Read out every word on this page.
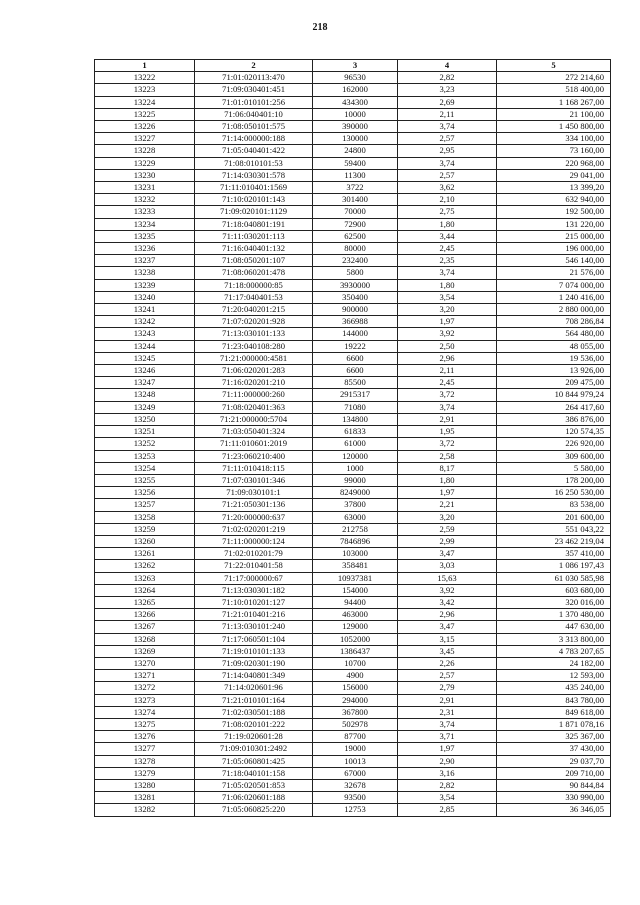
218
1	2	3	4	5
13222	71:01:020113:470	96530	2,82	272 214,60
13223	71:09:030401:451	162000	3,23	518 400,00
13224	71:01:010101:256	434300	2,69	1 168 267,00
13225	71:06:040401:10	10000	2,11	21 100,00
13226	71:08:050101:575	390000	3,74	1 450 800,00
13227	71:14:000000:188	130000	2,57	334 100,00
13228	71:05:040401:422	24800	2,95	73 160,00
13229	71:08:010101:53	59400	3,74	220 968,00
13230	71:14:030301:578	11300	2,57	29 041,00
13231	71:11:010401:1569	3722	3,62	13 399,20
13232	71:10:020101:143	301400	2,10	632 940,00
13233	71:09:020101:1129	70000	2,75	192 500,00
13234	71:18:040801:191	72900	1,80	131 220,00
13235	71:11:030201:113	62500	3,44	215 000,00
13236	71:16:040401:132	80000	2,45	196 000,00
13237	71:08:050201:107	232400	2,35	546 140,00
13238	71:08:060201:478	5800	3,74	21 576,00
13239	71:18:000000:85	3930000	1,80	7 074 000,00
13240	71:17:040401:53	350400	3,54	1 240 416,00
13241	71:20:040201:215	900000	3,20	2 880 000,00
13242	71:07:020201:928	366988	1,97	708 286,84
13243	71:13:030101:133	144000	3,92	564 480,00
13244	71:23:040108:280	19222	2,50	48 055,00
13245	71:21:000000:4581	6600	2,96	19 536,00
13246	71:06:020201:283	6600	2,11	13 926,00
13247	71:16:020201:210	85500	2,45	209 475,00
13248	71:11:000000:260	2915317	3,72	10 844 979,24
13249	71:08:020401:363	71080	3,74	264 417,60
13250	71:21:000000:5704	134800	2,91	386 876,00
13251	71:03:050401:324	61833	1,95	120 574,35
13252	71:11:010601:2019	61000	3,72	226 920,00
13253	71:23:060210:400	120000	2,58	309 600,00
13254	71:11:010418:115	1000	8,17	5 580,00
13255	71:07:030101:346	99000	1,80	178 200,00
13256	71:09:030101:1	8249000	1,97	16 250 530,00
13257	71:21:050301:136	37800	2,21	83 538,00
13258	71:20:000000:637	63000	3,20	201 600,00
13259	71:02:020201:219	212758	2,59	551 043,22
13260	71:11:000000:124	7846896	2,99	23 462 219,04
13261	71:02:010201:79	103000	3,47	357 410,00
13262	71:22:010401:58	358481	3,03	1 086 197,43
13263	71:17:000000:67	10937381	15,63	61 030 585,98
13264	71:13:030301:182	154000	3,92	603 680,00
13265	71:10:010201:127	94400	3,42	320 016,00
13266	71:21:010401:216	463000	2,96	1 370 480,00
13267	71:13:030101:240	129000	3,47	447 630,00
13268	71:17:060501:104	1052000	3,15	3 313 800,00
13269	71:19:010101:133	1386437	3,45	4 783 207,65
13270	71:09:020301:190	10700	2,26	24 182,00
13271	71:14:040801:349	4900	2,57	12 593,00
13272	71:14:020601:96	156000	2,79	435 240,00
13273	71:21:010101:164	294000	2,91	843 780,00
13274	71:02:030501:188	367800	2,31	849 618,00
13275	71:08:020101:222	502978	3,74	1 871 078,16
13276	71:19:020601:28	87700	3,71	325 367,00
13277	71:09:010301:2492	19000	1,97	37 430,00
13278	71:05:060801:425	10013	2,90	29 037,70
13279	71:18:040101:158	67000	3,16	209 710,00
13280	71:05:020501:853	32678	2,82	90 844,84
13281	71:06:020601:188	93500	3,54	330 990,00
13282	71:05:060825:220	12753	2,85	36 346,05
